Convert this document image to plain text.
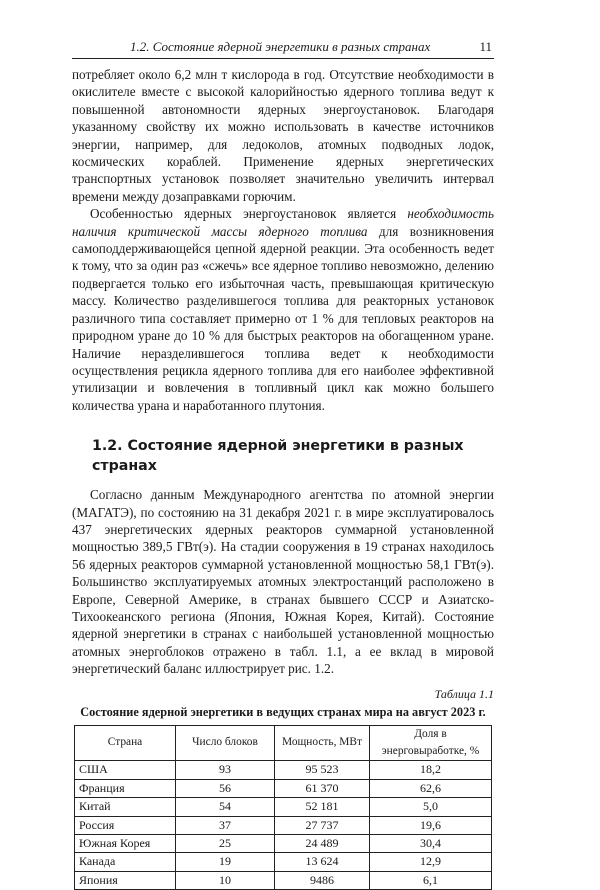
1.2. Состояние ядерной энергетики в разных странах	11

потребляет около 6,2 млн т кислорода в год. Отсутствие необходимости в окислителе вместе с высокой калорийностью ядерного топлива ведут к повышенной автономности ядерных энергоустановок. Благодаря указанному свойству их можно использовать в качестве источников энергии, например, для ледоколов, атомных подводных лодок, космических кораблей. Применение ядерных энергетических транспортных установок позволяет значительно увеличить интервал времени между дозаправками горючим.

Особенностью ядерных энергоустановок является необходимость наличия критической массы ядерного топлива для возникновения самоподдерживающейся цепной ядерной реакции. Эта особенность ведет к тому, что за один раз «сжечь» все ядерное топливо невозможно, делению подвергается только его избыточная часть, превышающая критическую массу. Количество разделившегося топлива для реакторных установок различного типа составляет примерно от 1 % для тепловых реакторов на природном уране до 10 % для быстрых реакторов на обогащенном уране. Наличие неразделившегося топлива ведет к необходимости осуществления рецикла ядерного топлива для его наиболее эффективной утилизации и вовлечения в топливный цикл как можно большего количества урана и наработанного плутония.

1.2. Состояние ядерной энергетики в разных странах

Согласно данным Международного агентства по атомной энергии (МАГАТЭ), по состоянию на 31 декабря 2021 г. в мире эксплуатировалось 437 энергетических ядерных реакторов суммарной установленной мощностью 389,5 ГВт(э). На стадии сооружения в 19 странах находилось 56 ядерных реакторов суммарной установленной мощностью 58,1 ГВт(э). Большинство эксплуатируемых атомных электростанций расположено в Европе, Северной Америке, в странах бывшего СССР и Азиатско-Тихоокеанского региона (Япония, Южная Корея, Китай). Состояние ядерной энергетики в странах с наибольшей установленной мощностью атомных энергоблоков отражено в табл. 1.1, а ее вклад в мировой энергетический баланс иллюстрирует рис. 1.2.

Таблица 1.1
Состояние ядерной энергетики в ведущих странах мира на август 2023 г.
Страна	Число блоков	Мощность, МВт	Доля в энерговыработке, %
США	93	95 523	18,2
Франция	56	61 370	62,6
Китай	54	52 181	5,0
Россия	37	27 737	19,6
Южная Корея	25	24 489	30,4
Канада	19	13 624	12,9
Япония	10	9486	6,1
